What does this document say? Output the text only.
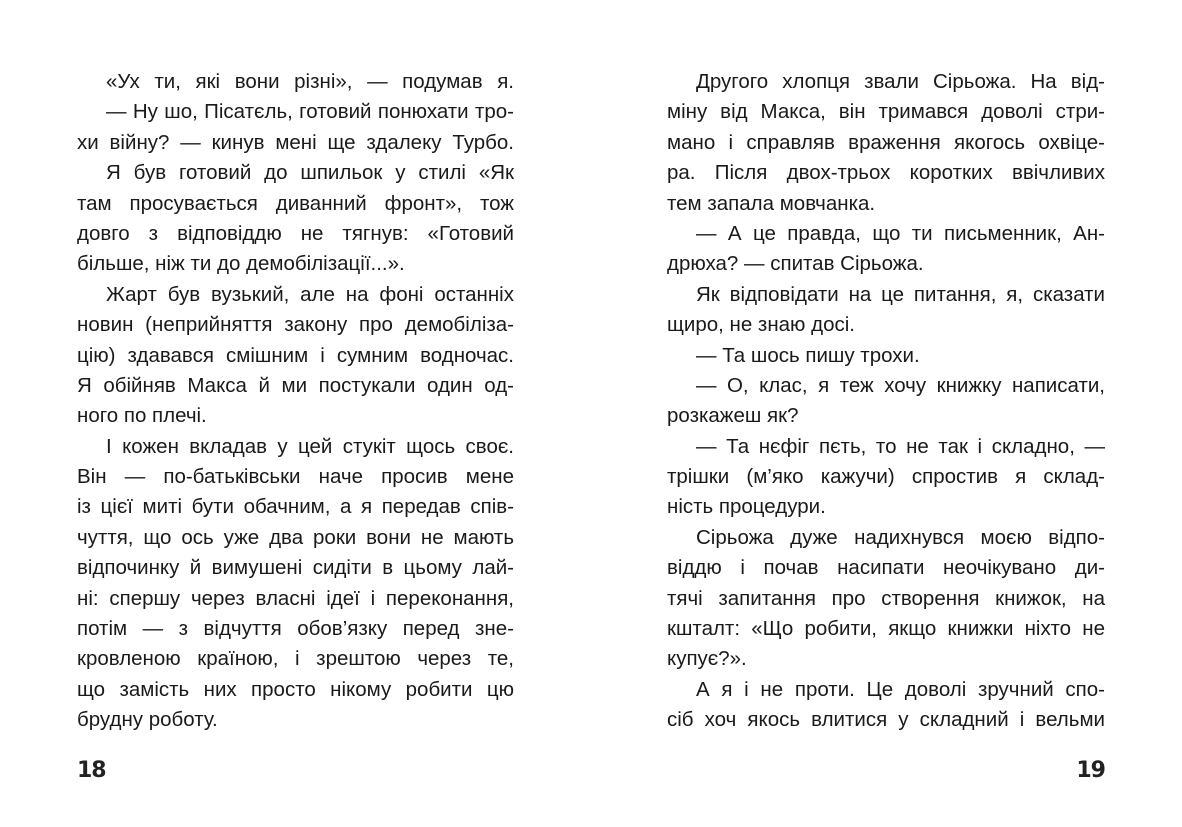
«Ух ти, які вони різні», — подумав я.
— Ну шо, Пісатєль, готовий понюхати тро-
хи війну? — кинув мені ще здалеку Турбо.
Я був готовий до шпильок у стилі «Як
там просувається диванний фронт», тож
довго з відповіддю не тягнув: «Готовий
більше, ніж ти до демобілізації...».
Жарт був вузький, але на фоні останніх
новин (неприйняття закону про демобіліза-
цію) здавався смішним і сумним водночас.
Я обійняв Макса й ми постукали один од-
ного по плечі.
І кожен вкладав у цей стукіт щось своє.
Він — по-батьківськи наче просив мене
із цієї миті бути обачним, а я передав спів-
чуття, що ось уже два роки вони не мають
відпочинку й вимушені сидіти в цьому лай-
ні: спершу через власні ідеї і переконання,
потім — з відчуття обов’язку перед зне-
кровленою країною, і зрештою через те,
що замість них просто нікому робити цю
брудну роботу.
Другого хлопця звали Сірьожа. На від-
міну від Макса, він тримався доволі стри-
мано і справляв враження якогось охвіце-
ра. Після двох-трьох коротких ввічливих
тем запала мовчанка.
— А це правда, що ти письменник, Ан-
дрюха? — спитав Сірьожа.
Як відповідати на це питання, я, сказати
щиро, не знаю досі.
— Та шось пишу трохи.
— О, клас, я теж хочу книжку написати,
розкажеш як?
— Та нєфіг пєть, то не так і складно, —
трішки (м’яко кажучи) спростив я склад-
ність процедури.
Сірьожа дуже надихнувся моєю відпо-
віддю і почав насипати неочікувано ди-
тячі запитання про створення книжок, на
кшталт: «Що робити, якщо книжки ніхто не
купує?».
А я і не проти. Це доволі зручний спо-
сіб хоч якось влитися у складний і вельми
18	19
